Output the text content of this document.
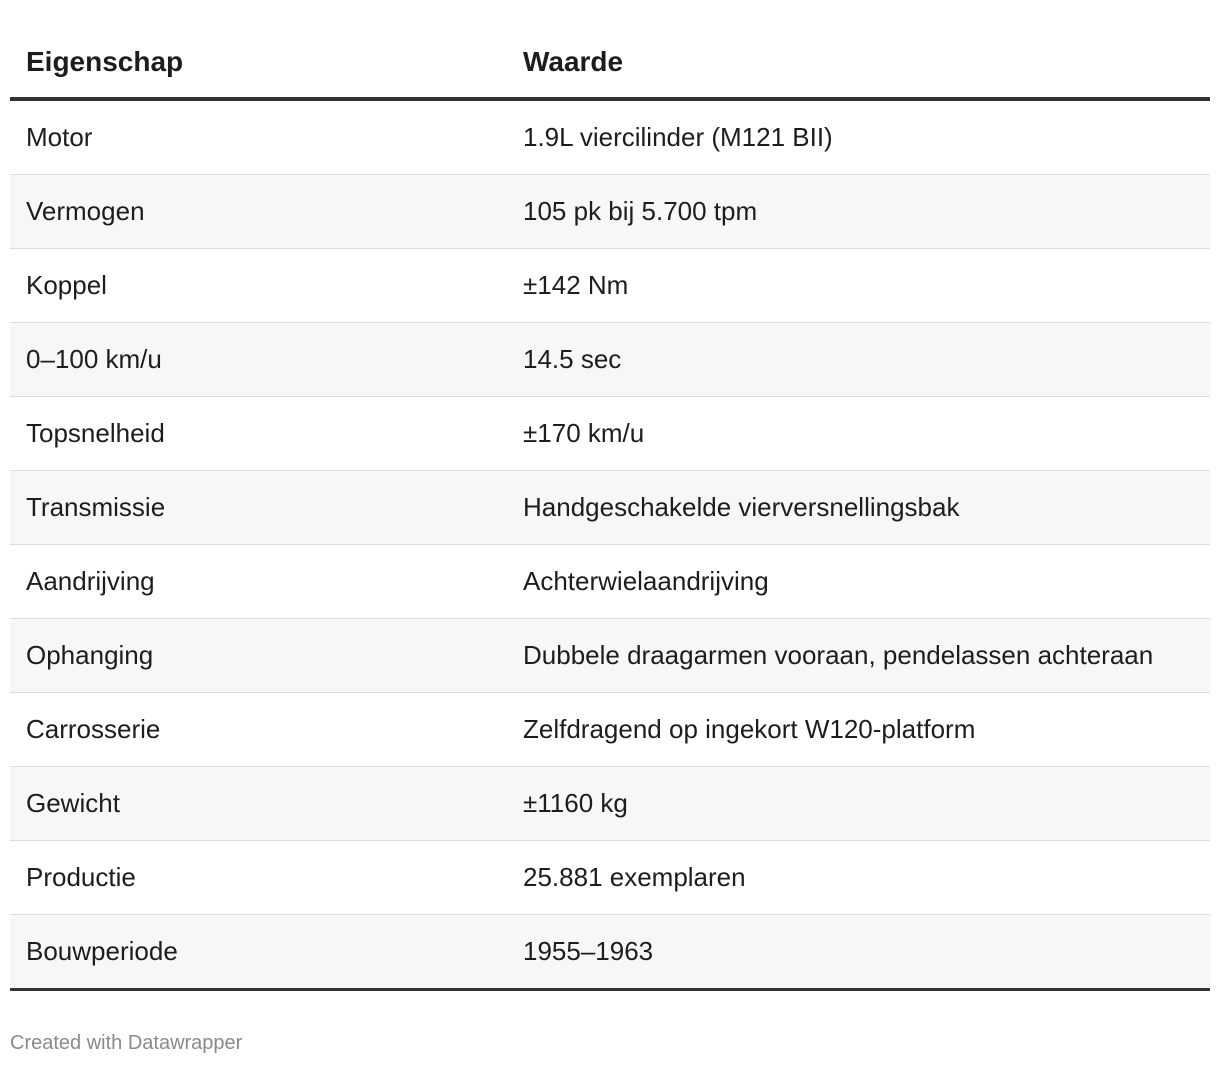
Eigenschap	Waarde
Motor	1.9L viercilinder (M121 BII)
Vermogen	105 pk bij 5.700 tpm
Koppel	±142 Nm
0–100 km/u	14.5 sec
Topsnelheid	±170 km/u
Transmissie	Handgeschakelde vierversnellingsbak
Aandrijving	Achterwielaandrijving
Ophanging	Dubbele draagarmen vooraan, pendelassen achteraan
Carrosserie	Zelfdragend op ingekort W120-platform
Gewicht	±1160 kg
Productie	25.881 exemplaren
Bouwperiode	1955–1963
Created with Datawrapper
